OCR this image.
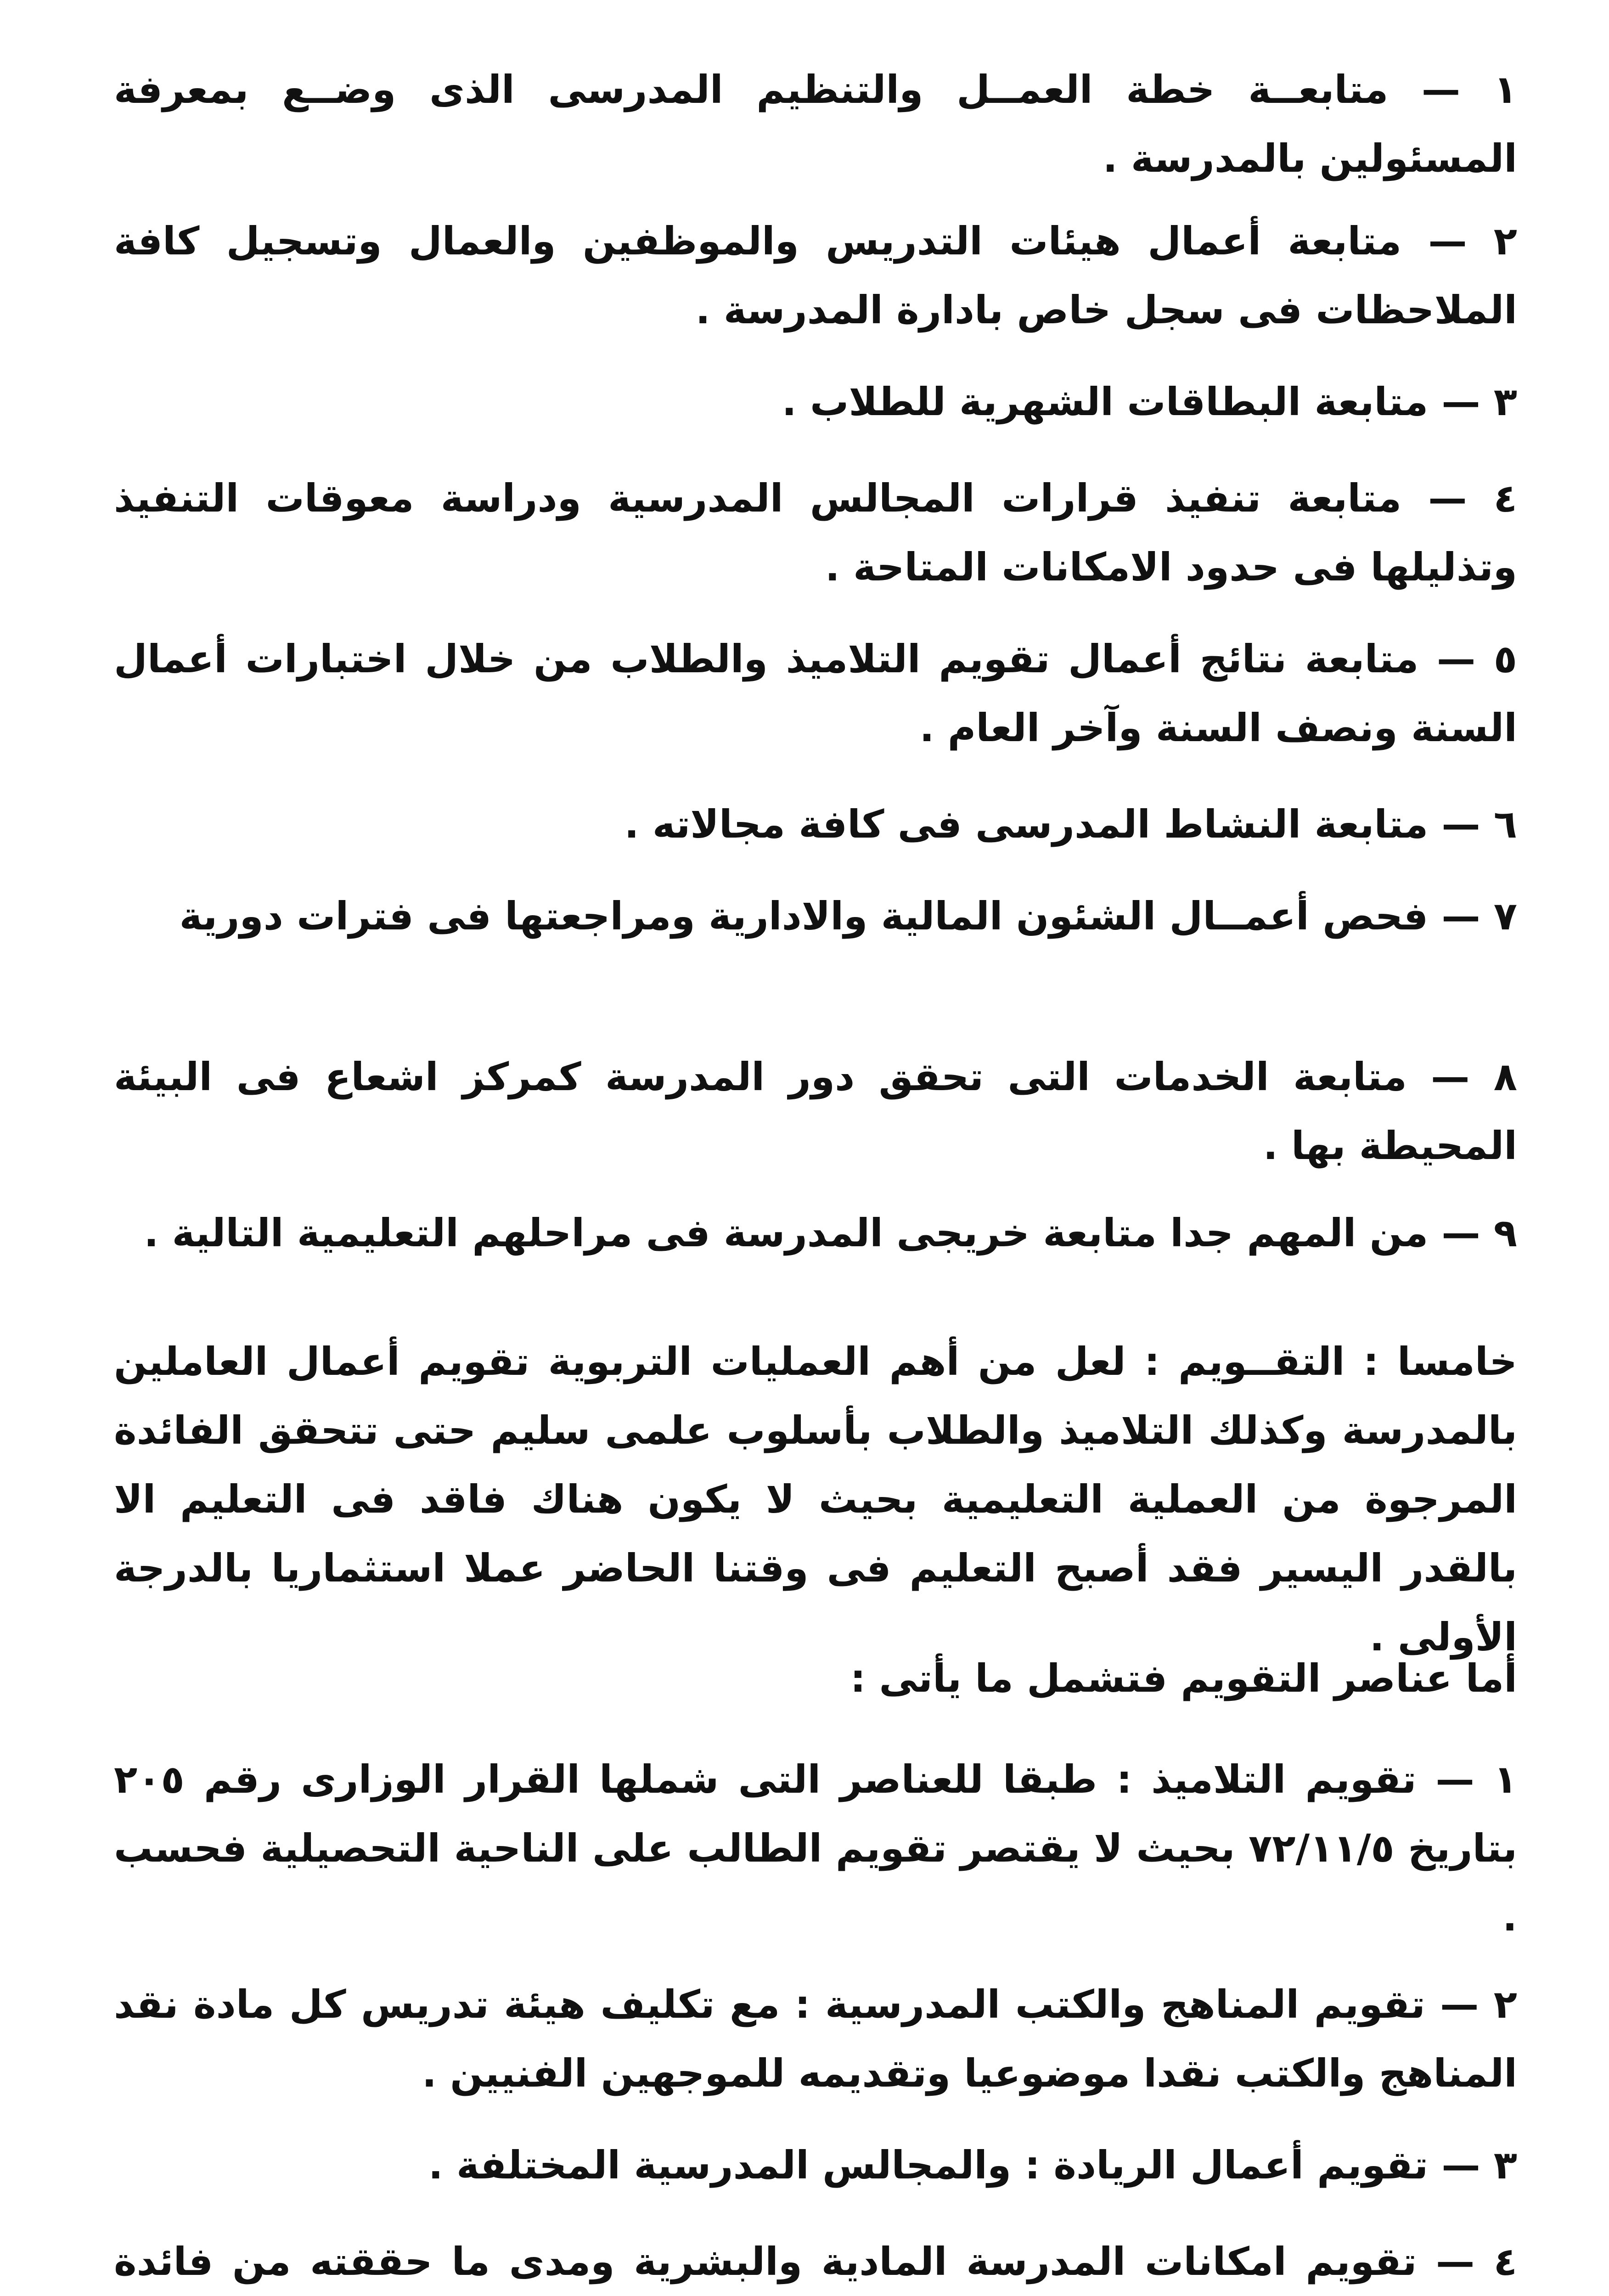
١ — متابعــة خطة العمــل والتنظيم المدرسى الذى وضــع بمعرفة المسئولين بالمدرسة .
٢ — متابعة أعمال هيئات التدريس والموظفين والعمال وتسجيل كافة الملاحظات فى سجل خاص بادارة المدرسة .
٣ — متابعة البطاقات الشهرية للطلاب .
٤ — متابعة تنفيذ قرارات المجالس المدرسية ودراسة معوقات التنفيذ وتذليلها فى حدود الامكانات المتاحة .
٥ — متابعة نتائج أعمال تقويم التلاميذ والطلاب من خلال اختبارات أعمال السنة ونصف السنة وآخر العام .
٦ — متابعة النشاط المدرسى فى كافة مجالاته .
٧ — فحص أعمــال الشئون المالية والادارية ومراجعتها فى فترات دورية
٨ — متابعة الخدمات التى تحقق دور المدرسة كمركز اشعاع فى البيئة المحيطة بها .
٩ — من المهم جدا متابعة خريجى المدرسة فى مراحلهم التعليمية التالية .
خامسا : التقــويم : لعل من أهم العمليات التربوية تقويم أعمال العاملين بالمدرسة وكذلك التلاميذ والطلاب بأسلوب علمى سليم حتى تتحقق الفائدة المرجوة من العملية التعليمية بحيث لا يكون هناك فاقد فى التعليم الا بالقدر اليسير فقد أصبح التعليم فى وقتنا الحاضر عملا استثماريا بالدرجة الأولى .
أما عناصر التقويم فتشمل ما يأتى :
١ — تقويم التلاميذ : طبقا للعناصر التى شملها القرار الوزارى رقم ٢٠٥ بتاريخ ٧٢/١١/٥ بحيث لا يقتصر تقويم الطالب على الناحية التحصيلية فحسب .
٢ — تقويم المناهج والكتب المدرسية : مع تكليف هيئة تدريس كل مادة نقد المناهج والكتب نقدا موضوعيا وتقديمه للموجهين الفنيين .
٣ — تقويم أعمال الريادة : والمجالس المدرسية المختلفة .
٤ — تقويم امكانات المدرسة المادية والبشرية ومدى ما حققته من فائدة
